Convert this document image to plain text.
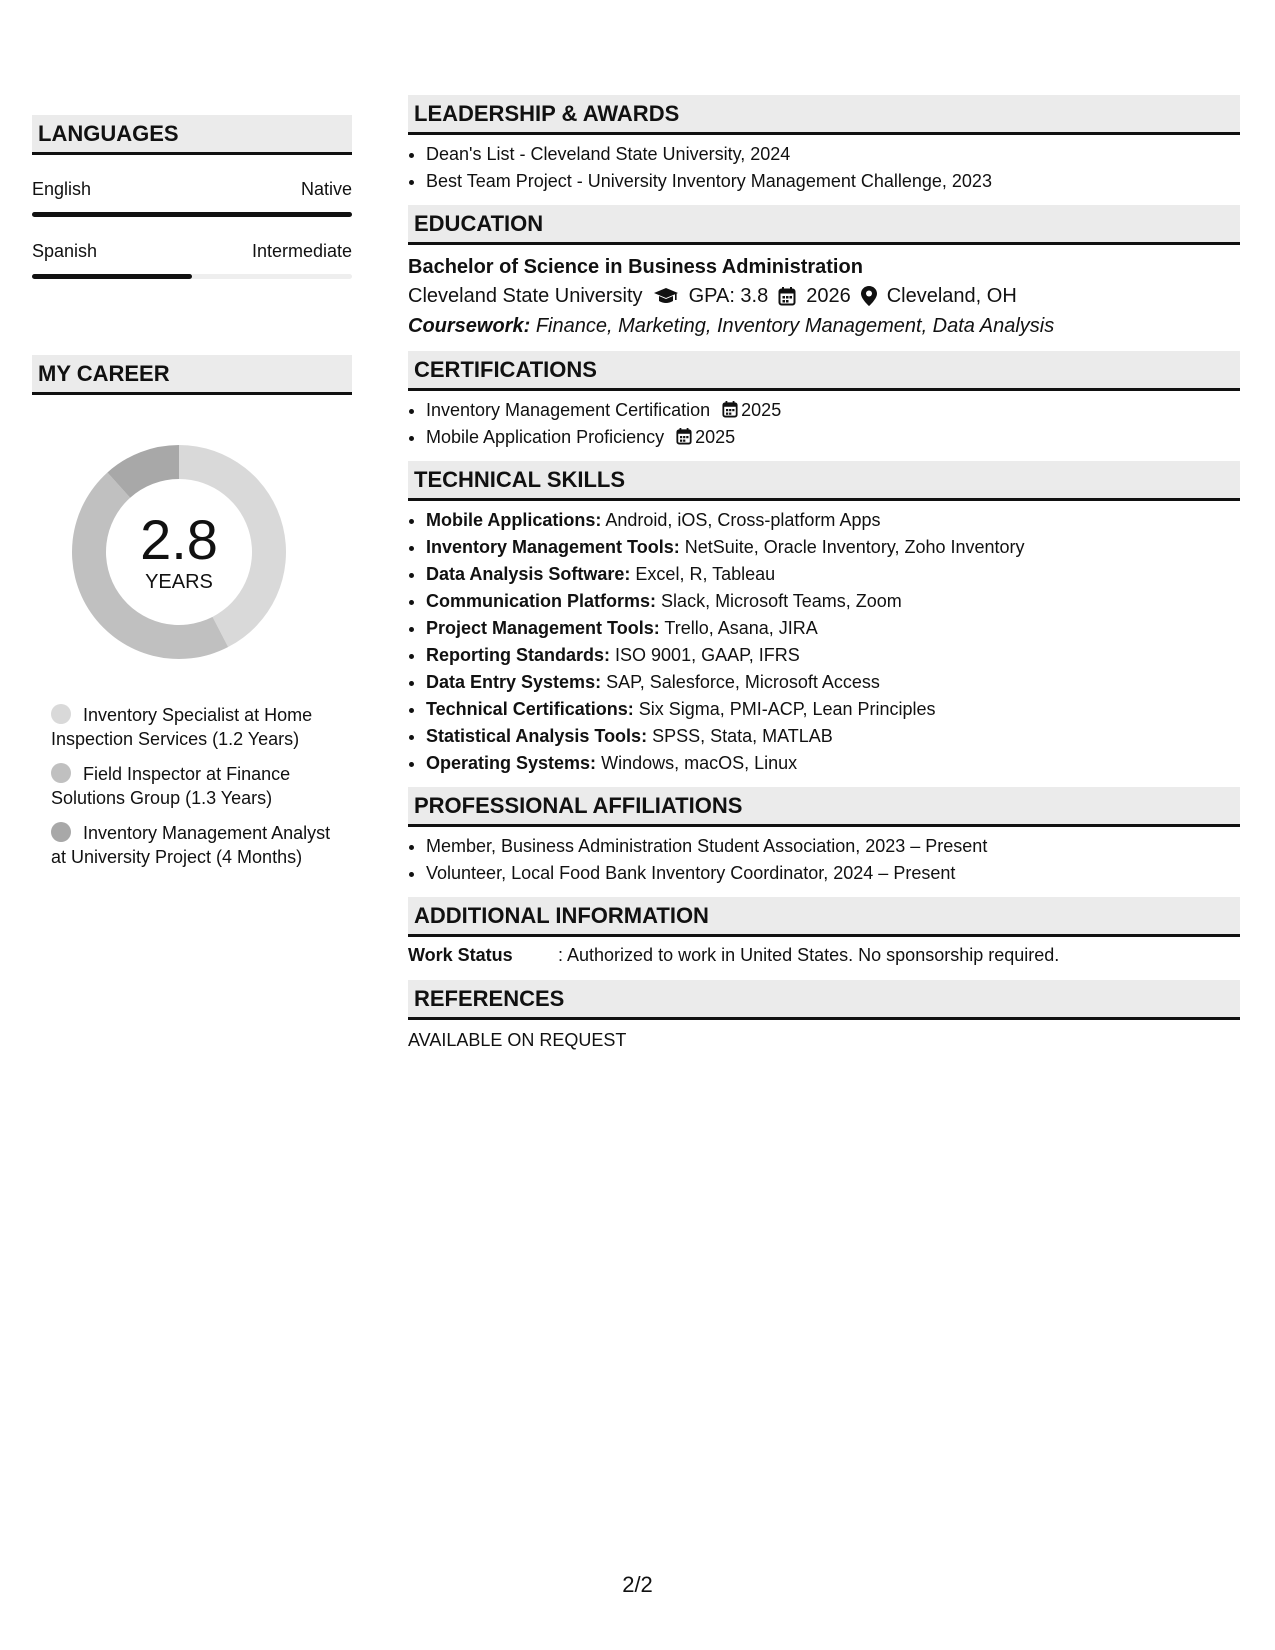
LANGUAGES
English	Native
Spanish	Intermediate
MY CAREER
2.8
YEARS
Inventory Specialist at Home Inspection Services (1.2 Years)
Field Inspector at Finance Solutions Group (1.3 Years)
Inventory Management Analyst at University Project (4 Months)
LEADERSHIP & AWARDS
• Dean's List - Cleveland State University, 2024
• Best Team Project - University Inventory Management Challenge, 2023
EDUCATION
Bachelor of Science in Business Administration
Cleveland State University GPA: 3.8 2026 Cleveland, OH
Coursework: Finance, Marketing, Inventory Management, Data Analysis
CERTIFICATIONS
• Inventory Management Certification 2025
• Mobile Application Proficiency 2025
TECHNICAL SKILLS
• Mobile Applications: Android, iOS, Cross-platform Apps
• Inventory Management Tools: NetSuite, Oracle Inventory, Zoho Inventory
• Data Analysis Software: Excel, R, Tableau
• Communication Platforms: Slack, Microsoft Teams, Zoom
• Project Management Tools: Trello, Asana, JIRA
• Reporting Standards: ISO 9001, GAAP, IFRS
• Data Entry Systems: SAP, Salesforce, Microsoft Access
• Technical Certifications: Six Sigma, PMI-ACP, Lean Principles
• Statistical Analysis Tools: SPSS, Stata, MATLAB
• Operating Systems: Windows, macOS, Linux
PROFESSIONAL AFFILIATIONS
• Member, Business Administration Student Association, 2023 – Present
• Volunteer, Local Food Bank Inventory Coordinator, 2024 – Present
ADDITIONAL INFORMATION
Work Status	: Authorized to work in United States. No sponsorship required.
REFERENCES
AVAILABLE ON REQUEST
2/2
